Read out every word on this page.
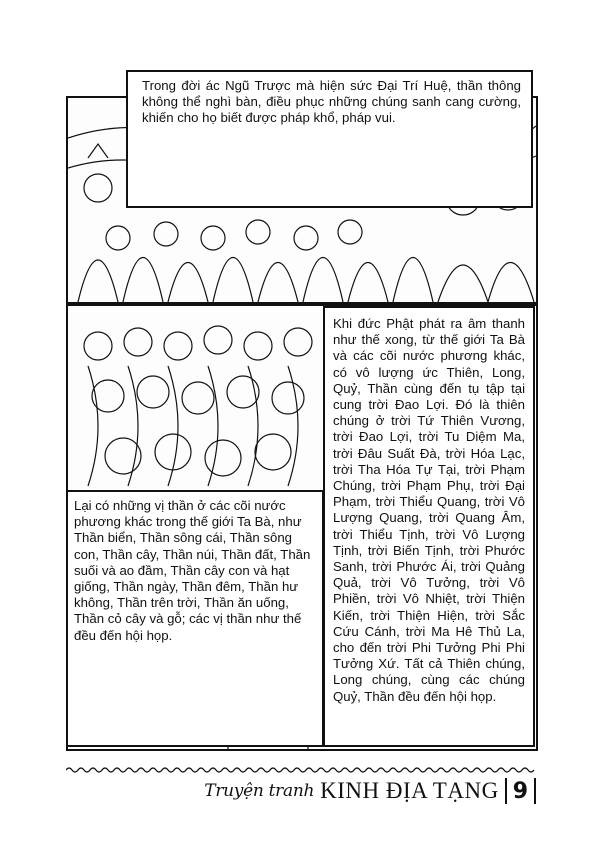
Trong đời ác Ngũ Trược mà hiện sức Đại Trí Huệ, thần thông không thể nghì bàn, điều phục những chúng sanh cang cường, khiến cho họ biết được pháp khổ, pháp vui.
Khi đức Phật phát ra âm thanh như thế xong, từ thế giới Ta Bà và các cõi nước phương khác, có vô lượng ức Thiên, Long, Quỷ, Thần cùng đến tụ tập tại cung trời Đao Lợi. Đó là thiên chúng ở trời Tứ Thiên Vương, trời Đao Lợi, trời Tu Diệm Ma, trời Đâu Suất Đà, trời Hóa Lạc, trời Tha Hóa Tự Tại, trời Phạm Chúng, trời Phạm Phụ, trời Đại Phạm, trời Thiểu Quang, trời Vô Lượng Quang, trời Quang Âm, trời Thiểu Tịnh, trời Vô Lượng Tịnh, trời Biến Tịnh, trời Phước Sanh, trời Phước Ái, trời Quảng Quả, trời Vô Tưởng, trời Vô Phiền, trời Vô Nhiệt, trời Thiện Kiến, trời Thiện Hiện, trời Sắc Cứu Cánh, trời Ma Hê Thủ La, cho đến trời Phi Tưởng Phi Phi Tưởng Xứ. Tất cả Thiên chúng, Long chúng, cùng các chúng Quỷ, Thần đều đến hội họp.
Lại có những vị thần ở các cõi nước phương khác trong thế giới Ta Bà, như Thần biển, Thần sông cái, Thần sông con, Thần cây, Thần núi, Thần đất, Thần suối và ao đầm, Thần cây con và hạt giống, Thần ngày, Thần đêm, Thần hư không, Thần trên trời, Thần ăn uống, Thần cỏ cây và gỗ; các vị thần như thế đều đến hội họp.
Truyện tranh KINH ĐỊA TẠNG 9
